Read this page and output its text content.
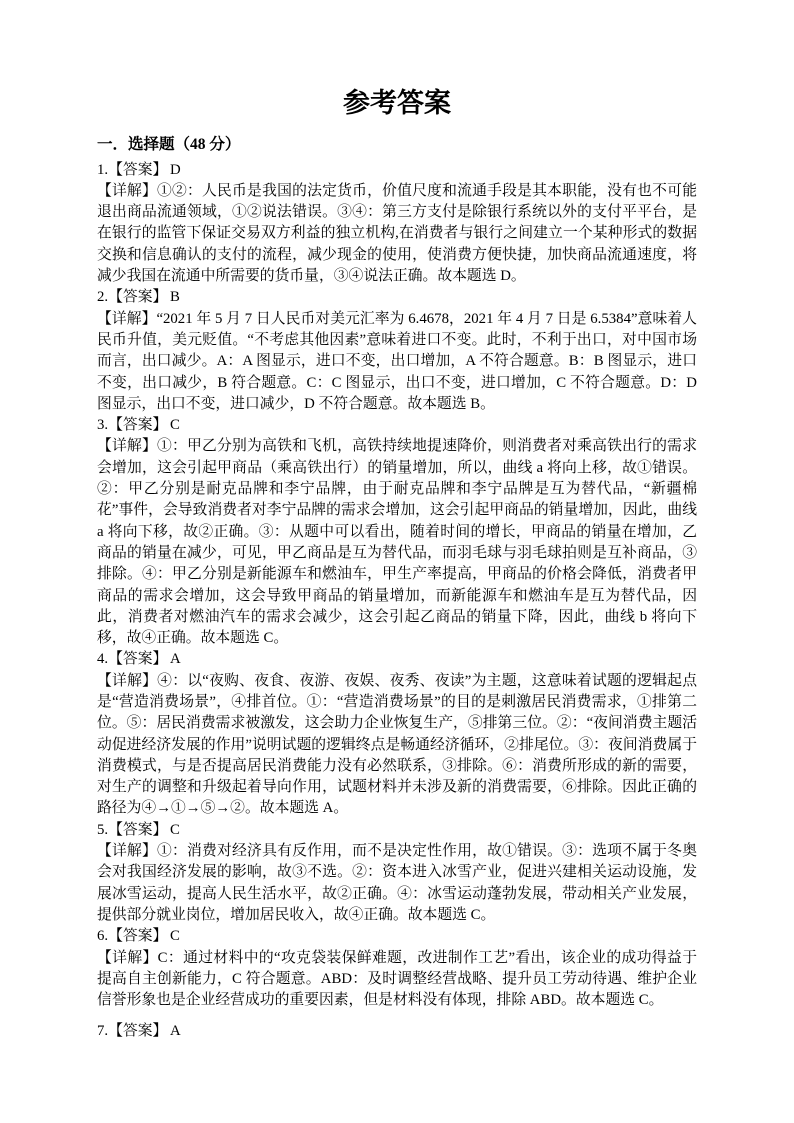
参考答案
一．选择题（48 分）

1.【答案】 D

【详解】①②：人民币是我国的法定货币，价值尺度和流通手段是其本职能，没有也不可能退出商品流通领域，①②说法错误。③④：第三方支付是除银行系统以外的支付平平台，是在银行的监管下保证交易双方利益的独立机构,在消费者与银行之间建立一个某种形式的数据交换和信息确认的支付的流程，减少现金的使用，使消费方便快捷，加快商品流通速度，将减少我国在流通中所需要的货币量，③④说法正确。故本题选 D。

2.【答案】 B

【详解】“2021 年 5 月 7 日人民币对美元汇率为 6.4678，2021 年 4 月 7 日是 6.5384”意味着人民币升值，美元贬值。“不考虑其他因素”意味着进口不变。此时，不利于出口，对中国市场而言，出口减少。A：A 图显示，进口不变，出口增加，A 不符合题意。B：B 图显示，进口不变，出口减少，B 符合题意。C：C 图显示，出口不变，进口增加，C 不符合题意。D：D 图显示，出口不变，进口减少，D 不符合题意。故本题选 B。

3.【答案】 C

【详解】①：甲乙分别为高铁和飞机，高铁持续地提速降价，则消费者对乘高铁出行的需求会增加，这会引起甲商品（乘高铁出行）的销量增加，所以，曲线 a 将向上移，故①错误。②：甲乙分别是耐克品牌和李宁品牌，由于耐克品牌和李宁品牌是互为替代品，“新疆棉花”事件，会导致消费者对李宁品牌的需求会增加，这会引起甲商品的销量增加，因此，曲线 a 将向下移，故②正确。③：从题中可以看出，随着时间的增长，甲商品的销量在增加，乙商品的销量在减少，可见，甲乙商品是互为替代品，而羽毛球与羽毛球拍则是互补商品，③排除。④：甲乙分别是新能源车和燃油车，甲生产率提高，甲商品的价格会降低，消费者甲商品的需求会增加，这会导致甲商品的销量增加，而新能源车和燃油车是互为替代品，因此，消费者对燃油汽车的需求会减少，这会引起乙商品的销量下降，因此，曲线 b 将向下移，故④正确。故本题选 C。

4.【答案】 A

【详解】④：以“夜购、夜食、夜游、夜娱、夜秀、夜读”为主题，这意味着试题的逻辑起点是“营造消费场景”，④排首位。①：“营造消费场景”的目的是刺激居民消费需求，①排第二位。⑤：居民消费需求被激发，这会助力企业恢复生产，⑤排第三位。②：“夜间消费主题活动促进经济发展的作用”说明试题的逻辑终点是畅通经济循环，②排尾位。③：夜间消费属于消费模式，与是否提高居民消费能力没有必然联系，③排除。⑥：消费所形成的新的需要，对生产的调整和升级起着导向作用，试题材料并未涉及新的消费需要，⑥排除。因此正确的路径为④→①→⑤→②。故本题选 A。

5.【答案】 C

【详解】①：消费对经济具有反作用，而不是决定性作用，故①错误。③：选项不属于冬奥会对我国经济发展的影响，故③不选。②：资本进入冰雪产业，促进兴建相关运动设施，发展冰雪运动，提高人民生活水平，故②正确。④：冰雪运动蓬勃发展，带动相关产业发展，提供部分就业岗位，增加居民收入，故④正确。故本题选 C。

6.【答案】 C

【详解】C：通过材料中的“攻克袋装保鲜难题，改进制作工艺”看出，该企业的成功得益于提高自主创新能力，C 符合题意。ABD：及时调整经营战略、提升员工劳动待遇、维护企业信誉形象也是企业经营成功的重要因素，但是材料没有体现，排除 ABD。故本题选 C。

7.【答案】 A
